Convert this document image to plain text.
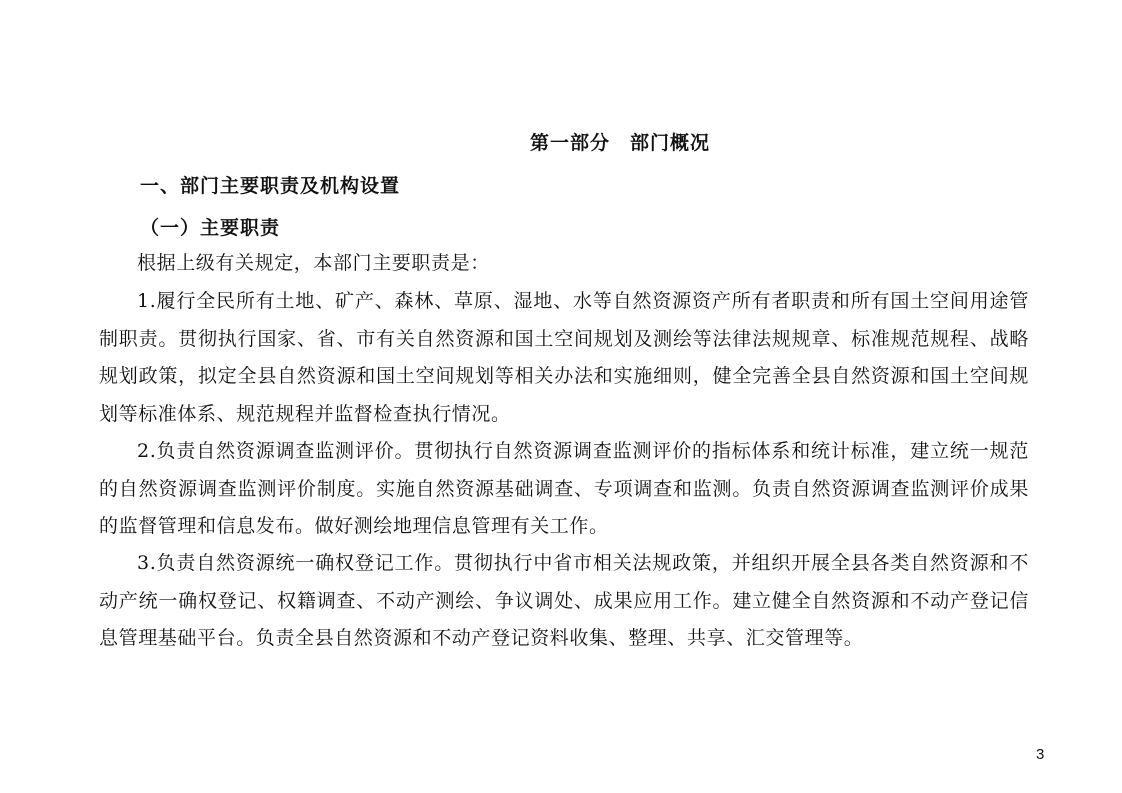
第一部分　部门概况
一、部门主要职责及机构设置
（一）主要职责

根据上级有关规定，本部门主要职责是：

1.履行全民所有土地、矿产、森林、草原、湿地、水等自然资源资产所有者职责和所有国土空间用途管制职责。贯彻执行国家、省、市有关自然资源和国土空间规划及测绘等法律法规规章、标准规范规程、战略规划政策，拟定全县自然资源和国土空间规划等相关办法和实施细则，健全完善全县自然资源和国土空间规划等标准体系、规范规程并监督检查执行情况。

2.负责自然资源调查监测评价。贯彻执行自然资源调查监测评价的指标体系和统计标准，建立统一规范的自然资源调查监测评价制度。实施自然资源基础调查、专项调查和监测。负责自然资源调查监测评价成果的监督管理和信息发布。做好测绘地理信息管理有关工作。

3.负责自然资源统一确权登记工作。贯彻执行中省市相关法规政策，并组织开展全县各类自然资源和不动产统一确权登记、权籍调查、不动产测绘、争议调处、成果应用工作。建立健全自然资源和不动产登记信息管理基础平台。负责全县自然资源和不动产登记资料收集、整理、共享、汇交管理等。

3
